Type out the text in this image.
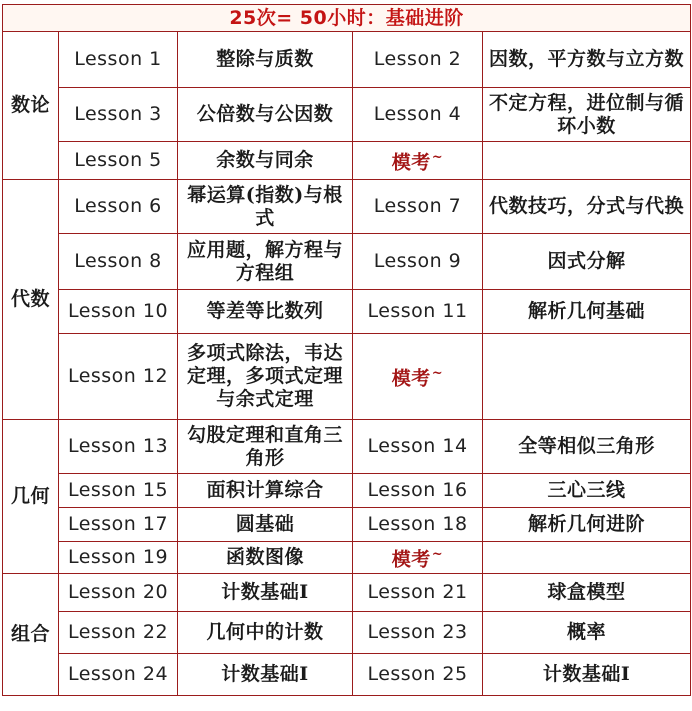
25次= 50小时：基础进阶				
数论	Lesson 1	整除与质数	Lesson 2	因数，平方数与立方数
	Lesson 3	公倍数与公因数	Lesson 4	不定方程，进位制与循环小数
	Lesson 5	余数与同余	模考~	
代数	Lesson 6	幂运算(指数)与根式	Lesson 7	代数技巧，分式与代换
	Lesson 8	应用题，解方程与方程组	Lesson 9	因式分解
	Lesson 10	等差等比数列	Lesson 11	解析几何基础
	Lesson 12	多项式除法，韦达定理，多项式定理与余式定理	模考~	
几何	Lesson 13	勾股定理和直角三角形	Lesson 14	全等相似三角形
	Lesson 15	面积计算综合	Lesson 16	三心三线
	Lesson 17	圆基础	Lesson 18	解析几何进阶
	Lesson 19	函数图像	模考~	
组合	Lesson 20	计数基础Ⅰ	Lesson 21	球盒模型
	Lesson 22	几何中的计数	Lesson 23	概率
	Lesson 24	计数基础Ⅰ	Lesson 25	计数基础Ⅰ
